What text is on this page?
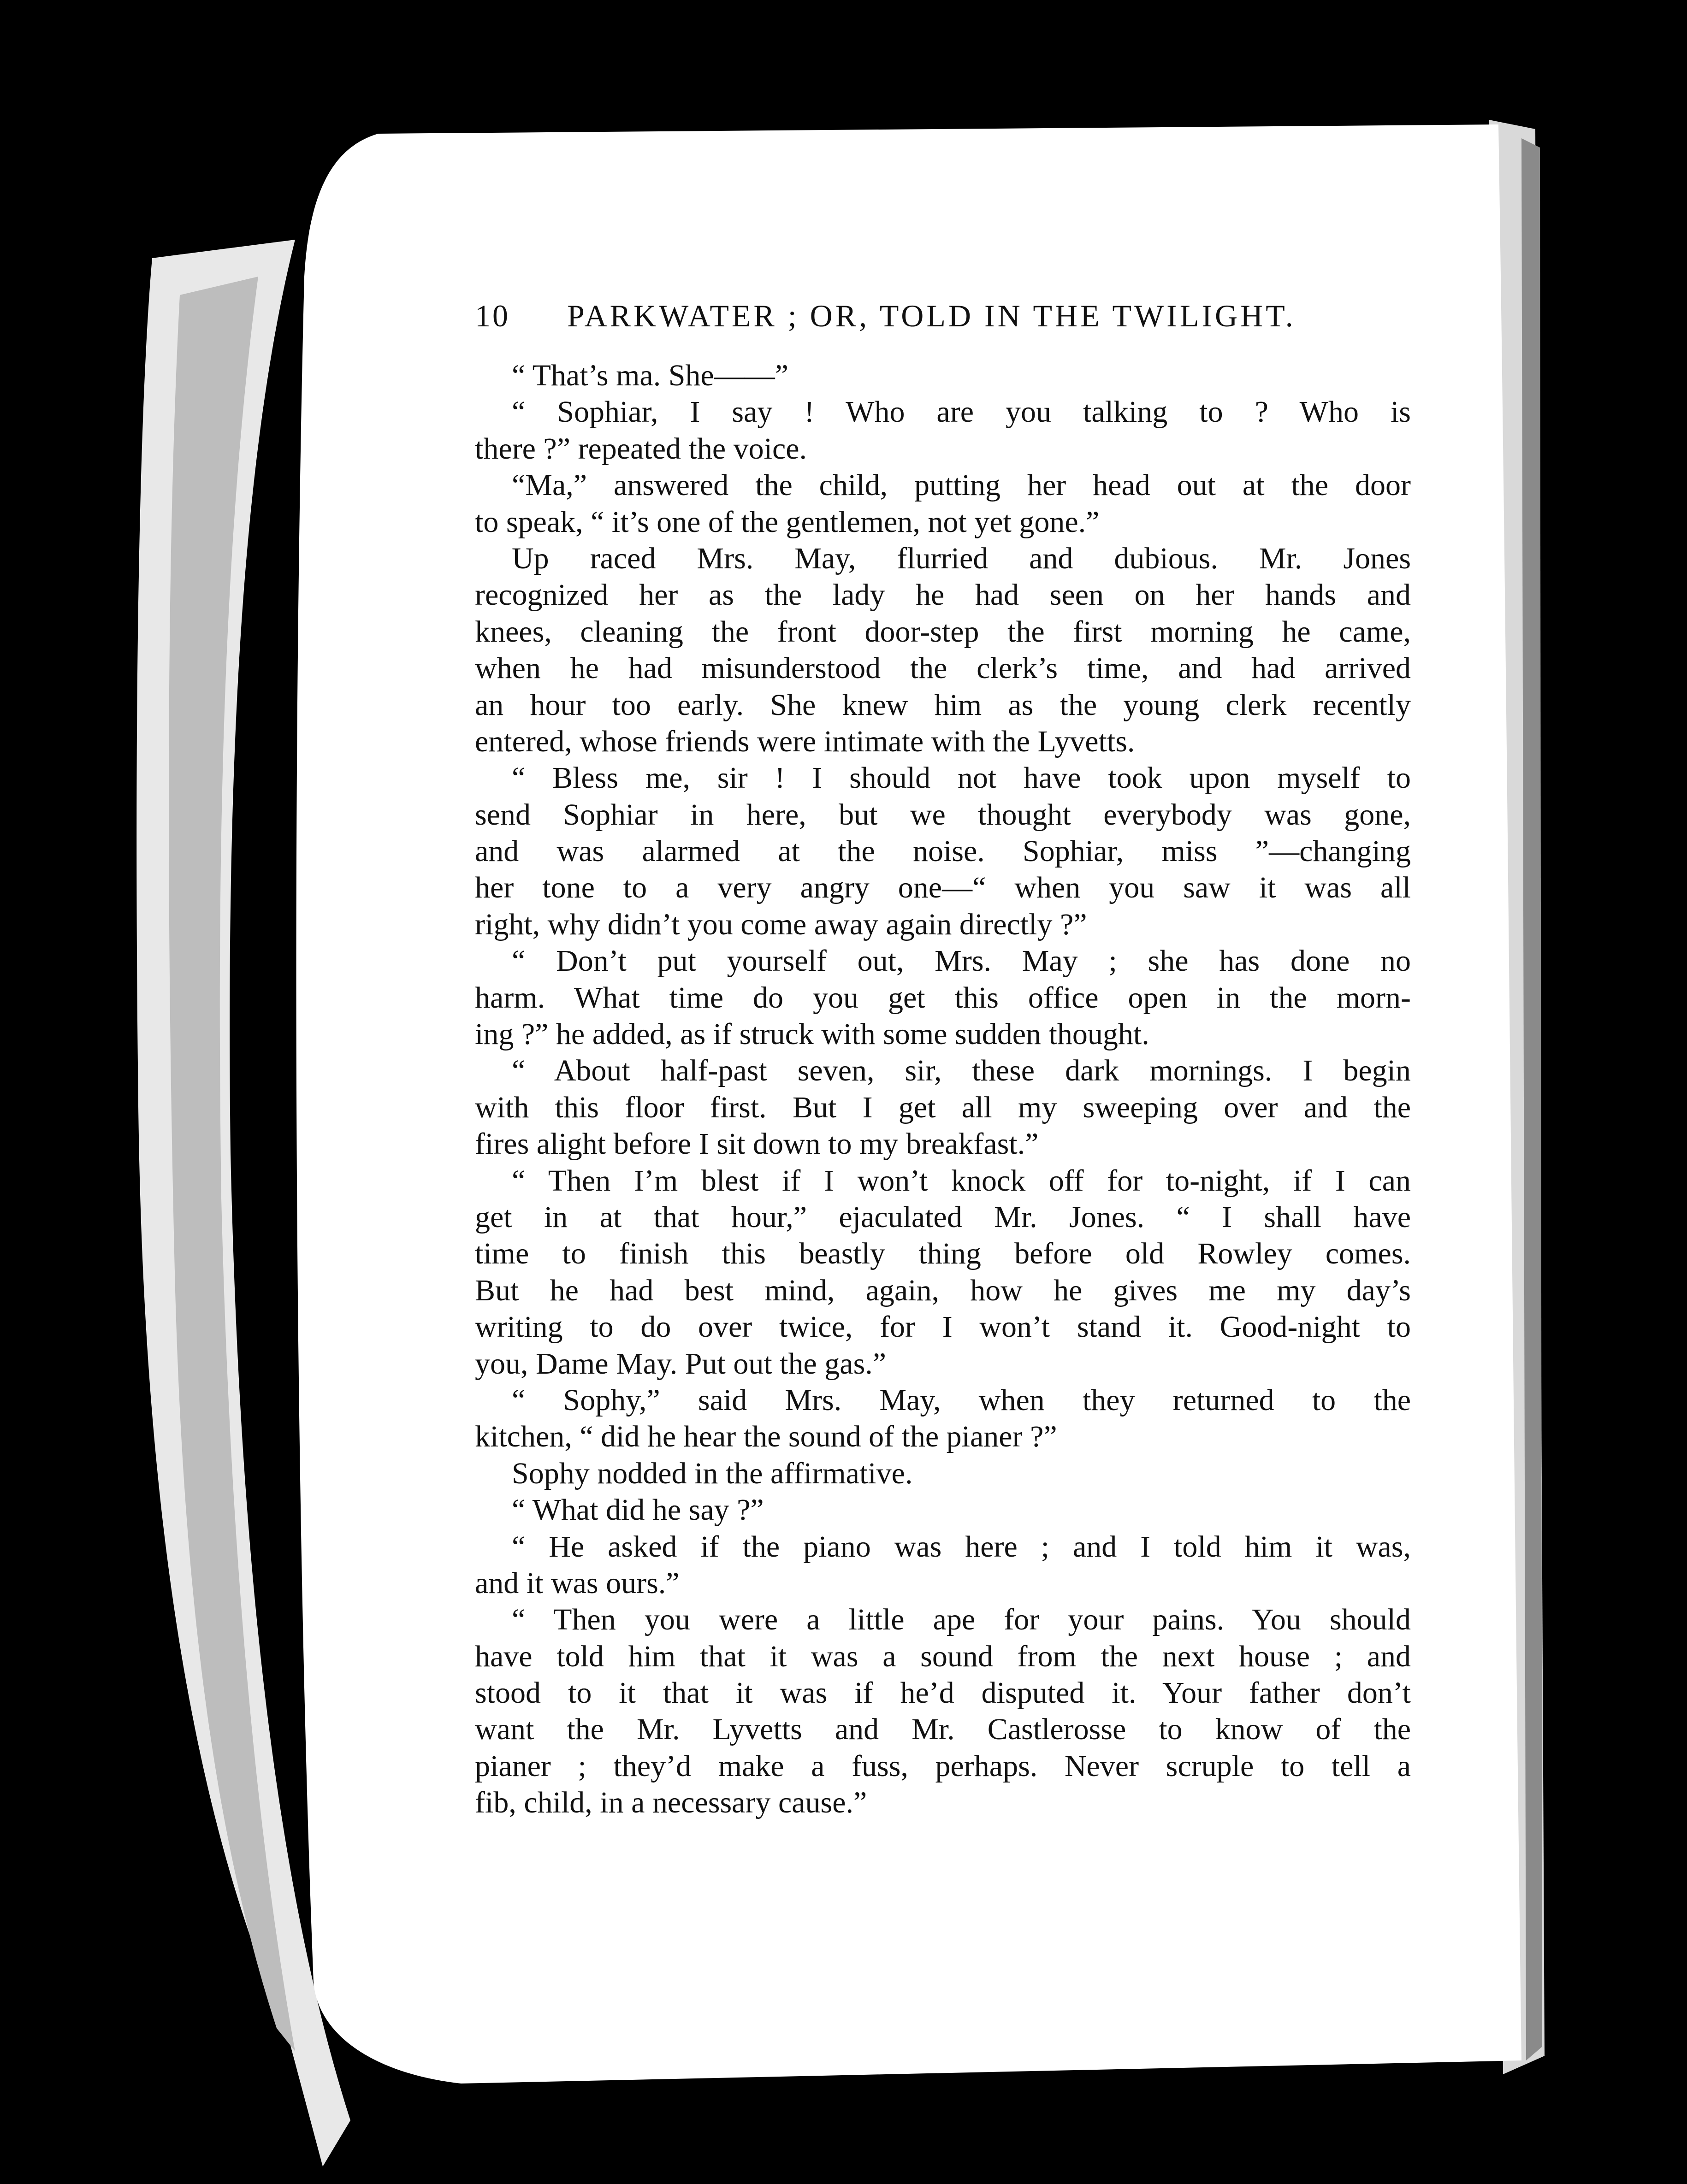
10 PARKWATER ; OR, TOLD IN THE TWILIGHT.
“ That’s ma. She——”
“ Sophiar, I say ! Who are you talking to ? Who is
there ?” repeated the voice.
“Ma,” answered the child, putting her head out at the door
to speak, “ it’s one of the gentlemen, not yet gone.”
Up raced Mrs. May, flurried and dubious. Mr. Jones
recognized her as the lady he had seen on her hands and
knees, cleaning the front door-step the first morning he came,
when he had misunderstood the clerk’s time, and had arrived
an hour too early. She knew him as the young clerk recently
entered, whose friends were intimate with the Lyvetts.
“ Bless me, sir ! I should not have took upon myself to
send Sophiar in here, but we thought everybody was gone,
and was alarmed at the noise. Sophiar, miss ”—changing
her tone to a very angry one—“ when you saw it was all
right, why didn’t you come away again directly ?”
“ Don’t put yourself out, Mrs. May ; she has done no
harm. What time do you get this office open in the morn-
ing ?” he added, as if struck with some sudden thought.
“ About half-past seven, sir, these dark mornings. I begin
with this floor first. But I get all my sweeping over and the
fires alight before I sit down to my breakfast.”
“ Then I’m blest if I won’t knock off for to-night, if I can
get in at that hour,” ejaculated Mr. Jones. “ I shall have
time to finish this beastly thing before old Rowley comes.
But he had best mind, again, how he gives me my day’s
writing to do over twice, for I won’t stand it. Good-night to
you, Dame May. Put out the gas.”
“ Sophy,” said Mrs. May, when they returned to the
kitchen, “ did he hear the sound of the pianer ?”
Sophy nodded in the affirmative.
“ What did he say ?”
“ He asked if the piano was here ; and I told him it was,
and it was ours.”
“ Then you were a little ape for your pains. You should
have told him that it was a sound from the next house ; and
stood to it that it was if he’d disputed it. Your father don’t
want the Mr. Lyvetts and Mr. Castlerosse to know of the
pianer ; they’d make a fuss, perhaps. Never scruple to tell a
fib, child, in a necessary cause.”
